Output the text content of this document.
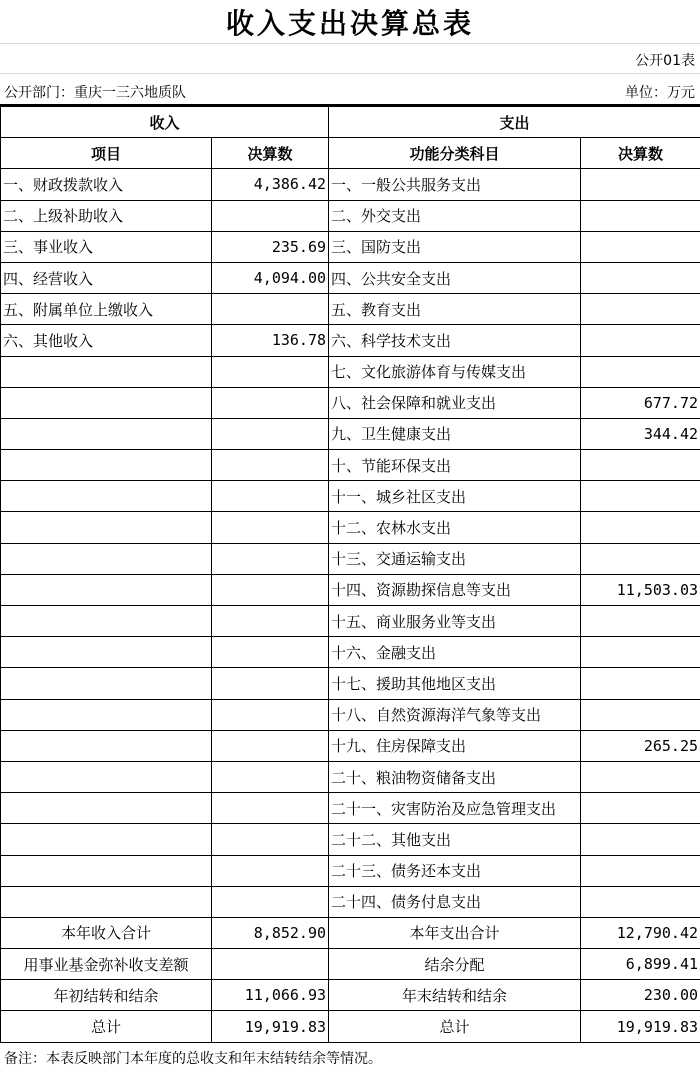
收入支出决算总表
公开01表
公开部门：重庆一三六地质队	单位：万元
收入		支出	
项目	决算数	功能分类科目	决算数
一、财政拨款收入	4,386.42	一、一般公共服务支出	
二、上级补助收入		二、外交支出	
三、事业收入	235.69	三、国防支出	
四、经营收入	4,094.00	四、公共安全支出	
五、附属单位上缴收入		五、教育支出	
六、其他收入	136.78	六、科学技术支出	
		七、文化旅游体育与传媒支出	
		八、社会保障和就业支出	677.72
		九、卫生健康支出	344.42
		十、节能环保支出	
		十一、城乡社区支出	
		十二、农林水支出	
		十三、交通运输支出	
		十四、资源勘探信息等支出	11,503.03
		十五、商业服务业等支出	
		十六、金融支出	
		十七、援助其他地区支出	
		十八、自然资源海洋气象等支出	
		十九、住房保障支出	265.25
		二十、粮油物资储备支出	
		二十一、灾害防治及应急管理支出	
		二十二、其他支出	
		二十三、债务还本支出	
		二十四、债务付息支出	
本年收入合计	8,852.90	本年支出合计	12,790.42
用事业基金弥补收支差额		结余分配	6,899.41
年初结转和结余	11,066.93	年末结转和结余	230.00
总计	19,919.83	总计	19,919.83
备注：本表反映部门本年度的总收支和年末结转结余等情况。
